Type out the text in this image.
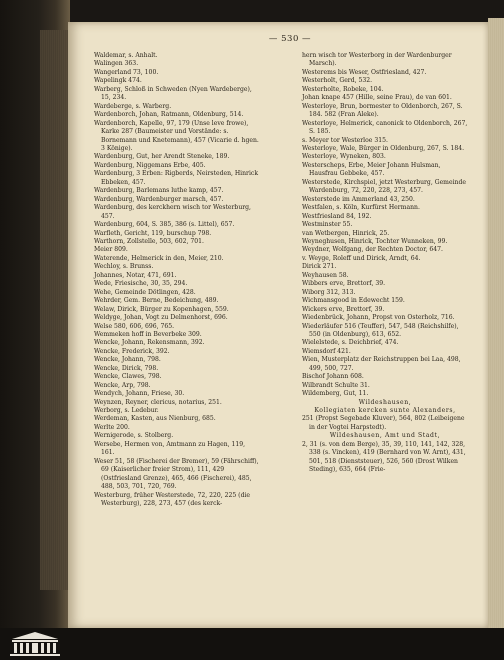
— 530 —
Waldemar, s. Anhalt.
Walingen 363.
Wangerland 73, 100.
Wapelingk 474.
Warberg, Schloß in Schweden (Nyen Wardeberge), 15, 234.
Wardeberge, s. Warberg.
Wardenborch, Johan, Ratmann, Oldenburg, 514.
Wardenborch, Kapelle, 97, 179 (Unse leve frowe), Karke 287 (Baumeister und Vorstände: s. Bornemann und Knetemann), 457 (Vicarie d. hgen. 3 Könige).
Wardenburg, Gut, her Arendt Steneke, 189.
Wardenburg, Niggemans Erbe, 405.
Wardenburg, 3 Erben: Rigberds, Neirsteden, Hinrick Ebbeken, 457.
Wardenburg, Barlemans luthe kamp, 457.
Wardenburg, Wardenburger marsch, 457.
Wardenburg, des kerckhern wisch tor Westerburg, 457.
Wardenburg, 604, S. 385, 386 (s. Littel), 657.
Warfleth, Gericht, 119, burschup 798.
Warthorn, Zollstelle, 503, 602, 701.
Meier 809.
Waterende, Helmerick in den, Meier, 210.
Wechloy, s. Brunss.
Johannes, Notar, 471, 691.
Wede, Friesische, 30, 35, 294.
Wehe, Gemeinde Dötlingen, 428.
Wehrder, Gem. Berne, Bedeichung, 489.
Welaw, Dirick, Bürger zu Kopenhagen, 559.
Weldyge, Johan, Vogt zu Delmenhorst, 696.
Welse 580, 606, 696, 765.
Wemmeken hoff in Beverbeke 309.
Wencke, Johann, Rekensmann, 392.
Wencke, Frederick, 392.
Wencke, Johann, 798.
Wencke, Dirick, 798.
Wencke, Clawes, 798.
Wencke, Arp, 798.
Wendych, Johann, Friese, 30.
Weynzen, Reyner, clericus, notarius, 251.
Werborg, s. Ledebur.
Werdeman, Kasten, aus Nienburg, 685.
Werlte 200.
Wernigerode, s. Stolberg.
Wersebe, Hermen von, Amtmann zu Hagen, 119, 161.
Weser 51, 58 (Fischerei der Bremer), 59 (Fährschiff), 69 (Kaiserlicher freier Strom), 111, 429 (Ostfriesland Grenze), 465, 466 (Fischerei), 485, 488, 503, 701, 720, 769.
Westerburg, früher Westerstede, 72, 220, 225 (die Westerburg), 228, 273, 457 (des kerck-
hern wisch tor Westerborg in der Wardenburger Marsch).
Westerems bis Weser, Ostfriesland, 427.
Westerholt, Gerd, 532.
Westerholte, Robeke, 104.
Johan knape 457 (Hille, seine Frau), de van 601.
Westerloye, Brun, bormester to Oldenborch, 267, S. 184. 582 (Fran Aleke).
Westerloye, Helmerick, canonick to Oldenborch, 267, S. 185.
s. Meyer tor Westerloe 315.
Westerloye, Wale, Bürger in Oldenburg, 267, S. 184.
Westerloye, Wyneken, 803.
Westerscheps, Erbe, Meier Johann Hulsman, Hausfrau Gebbeke, 457.
Westerstede, Kirchspiel, jetzt Westerburg, Gemeinde Wardenburg, 72, 220, 228, 273, 457.
Westerstede im Ammerland 43, 250.
Westfalen, s. Köln, Kurfürst Hermann.
Westfriesland 84, 192.
Westminster 55.
van Wetbergen, Hinrick, 25.
Weyneghusen, Hinrick, Tochter Wunneken, 99.
Weydner, Wolfgang, der Rechten Doctor, 647.
v. Weyge, Roleff und Dirick, Arndt, 64.
Dirick 271.
Weyhausen 58.
Wibbers erve, Brettorf, 39.
Wiborg 312, 313.
Wichmansgood in Edewecht 159.
Wickers erve, Brettorf, 39.
Wiedenbrück, Johann, Propst von Osterholz, 716.
Wiederläufer 516 (Teuffer), 547, 548 (Reichshilfe), 550 (in Oldenburg), 613, 652.
Wielelstede, s. Deichbrief, 474.
Wiemsdorf 421.
Wien, Musterplatz der Reichstruppen bei Laa, 498, 499, 500, 727.
Bischof Johann 608.
Wilbrandt Schulte 31.
Wildemberg, Gut, 11.
Wildeshausen,
Kollegiaten kercken sunte Alexanders,
251 (Propst Segebade Kluver), 564, 802 (Leibeigene in der Vogtei Harpstedt).
Wildeshausen, Amt und Stadt,
2, 31 (s. von dem Berge), 35, 39, 110, 141, 142, 328, 338 (s. Vincken), 419 (Bernhard von W. Arnt), 431, 501, 518 (Dienststeuer), 526, 560 (Drost Wilken Steding), 635, 664 (Frie-
